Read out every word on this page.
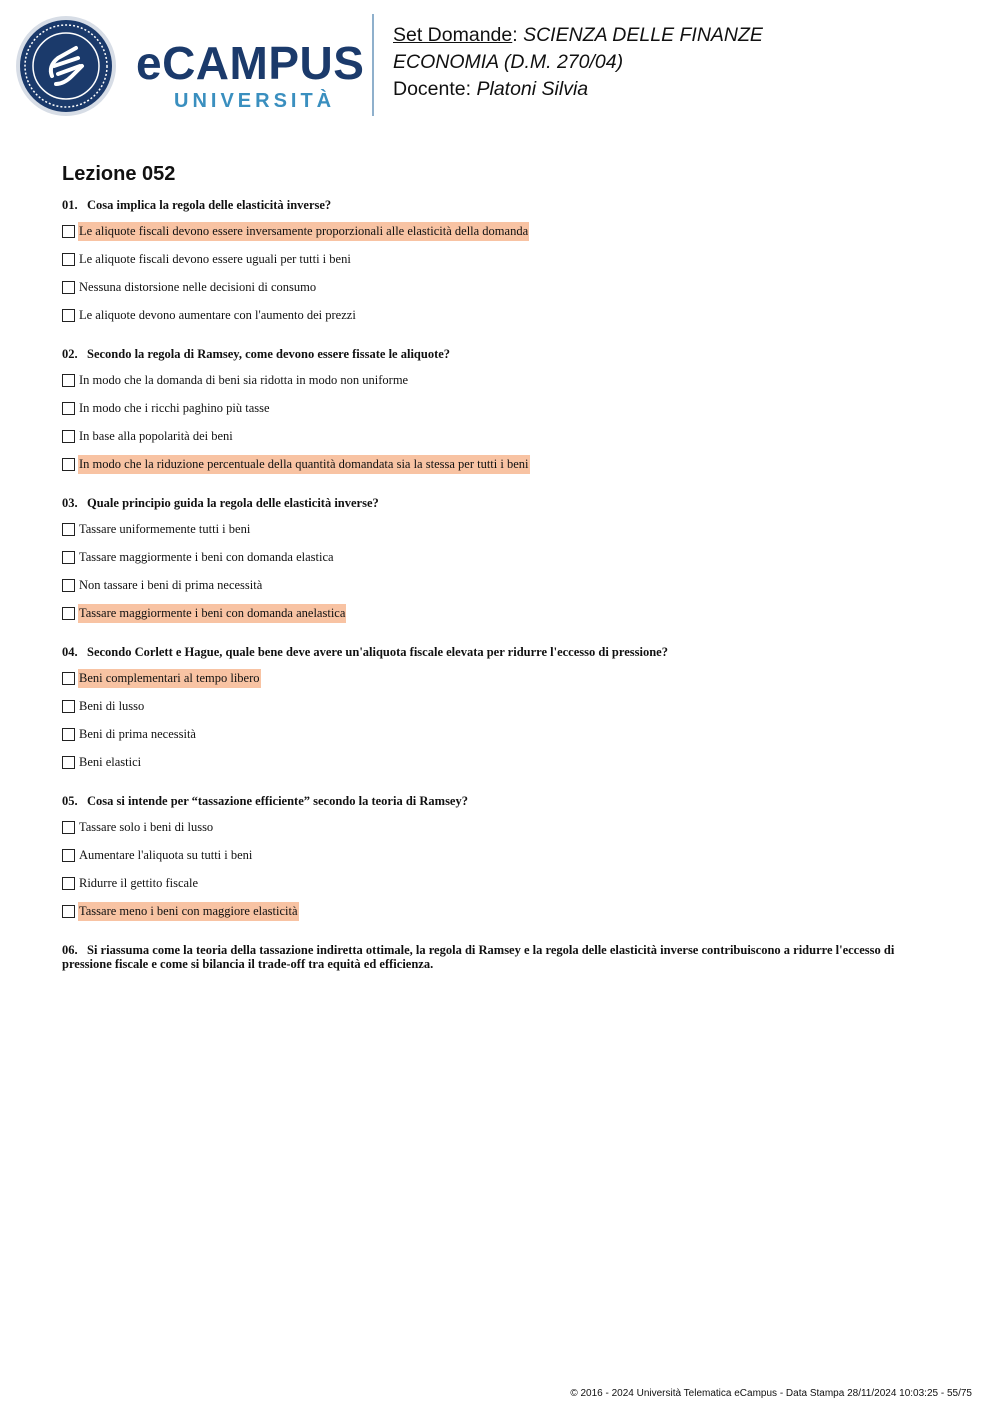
eCAMPUS
UNIVERSITÀ
Set Domande: SCIENZA DELLE FINANZE
ECONOMIA (D.M. 270/04)
Docente: Platoni Silvia
Lezione 052
01. Cosa implica la regola delle elasticità inverse?
Le aliquote fiscali devono essere inversamente proporzionali alle elasticità della domanda
Le aliquote fiscali devono essere uguali per tutti i beni
Nessuna distorsione nelle decisioni di consumo
Le aliquote devono aumentare con l'aumento dei prezzi
02. Secondo la regola di Ramsey, come devono essere fissate le aliquote?
In modo che la domanda di beni sia ridotta in modo non uniforme
In modo che i ricchi paghino più tasse
In base alla popolarità dei beni
In modo che la riduzione percentuale della quantità domandata sia la stessa per tutti i beni
03. Quale principio guida la regola delle elasticità inverse?
Tassare uniformemente tutti i beni
Tassare maggiormente i beni con domanda elastica
Non tassare i beni di prima necessità
Tassare maggiormente i beni con domanda anelastica
04. Secondo Corlett e Hague, quale bene deve avere un'aliquota fiscale elevata per ridurre l'eccesso di pressione?
Beni complementari al tempo libero
Beni di lusso
Beni di prima necessità
Beni elastici
05. Cosa si intende per “tassazione efficiente” secondo la teoria di Ramsey?
Tassare solo i beni di lusso
Aumentare l'aliquota su tutti i beni
Ridurre il gettito fiscale
Tassare meno i beni con maggiore elasticità
06. Si riassuma come la teoria della tassazione indiretta ottimale, la regola di Ramsey e la regola delle elasticità inverse contribuiscono a ridurre l'eccesso di pressione fiscale e come si bilancia il trade-off tra equità ed efficienza.
© 2016 - 2024 Università Telematica eCampus - Data Stampa 28/11/2024 10:03:25 - 55/75
